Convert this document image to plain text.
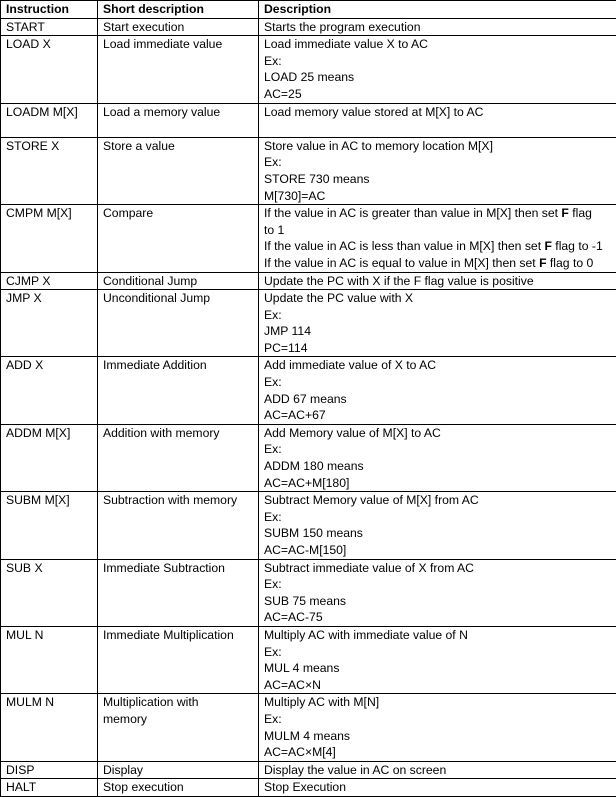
Instruction	Short description	Description
START	Start execution	Starts the program execution

LOAD X	Load immediate value	Load immediate value X to AC
Ex:
LOAD 25 means
AC=25

LOADM M[X]	Load a memory value	Load memory value stored at M[X] to AC

STORE X	Store a value	Store value in AC to memory location M[X]
Ex:
STORE 730 means
M[730]=AC

CMPM M[X]	Compare	If the value in AC is greater than value in M[X] then set F flag
to 1
If the value in AC is less than value in M[X] then set F flag to -1
If the value in AC is equal to value in M[X] then set F flag to 0

CJMP X	Conditional Jump	Update the PC with X if the F flag value is positive

JMP X	Unconditional Jump	Update the PC value with X
Ex:
JMP 114
PC=114

ADD X	Immediate Addition	Add immediate value of X to AC
Ex:
ADD 67 means
AC=AC+67

ADDM M[X]	Addition with memory	Add Memory value of M[X] to AC
Ex:
ADDM 180 means
AC=AC+M[180]

SUBM M[X]	Subtraction with memory	Subtract Memory value of M[X] from AC
Ex:
SUBM 150 means
AC=AC-M[150]

SUB X	Immediate Subtraction	Subtract immediate value of X from AC
Ex:
SUB 75 means
AC=AC-75

MUL N	Immediate Multiplication	Multiply AC with immediate value of N
Ex:
MUL 4 means
AC=AC×N

MULM N	Multiplication with memory	Multiply AC with M[N]
Ex:
MULM 4 means
AC=AC×M[4]

DISP	Display	Display the value in AC on screen

HALT	Stop execution	Stop Execution
